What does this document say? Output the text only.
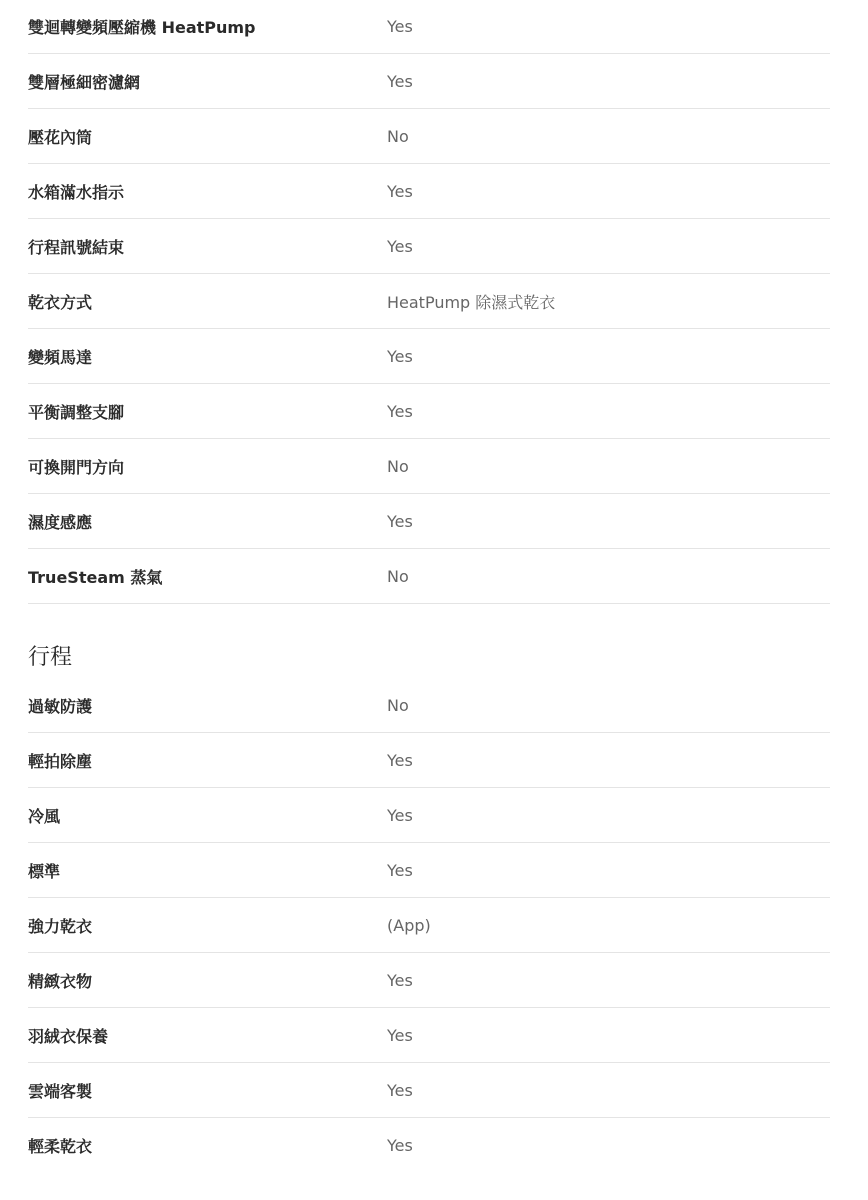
雙迴轉變頻壓縮機 HeatPump	Yes
雙層極細密濾網	Yes
壓花內筒	No
水箱滿水指示	Yes
行程訊號結束	Yes
乾衣方式	HeatPump 除濕式乾衣
變頻馬達	Yes
平衡調整支腳	Yes
可換開門方向	No
濕度感應	Yes
TrueSteam 蒸氣	No
行程
過敏防護	No
輕拍除塵	Yes
冷風	Yes
標準	Yes
強力乾衣	(App)
精緻衣物	Yes
羽絨衣保養	Yes
雲端客製	Yes
輕柔乾衣	Yes
